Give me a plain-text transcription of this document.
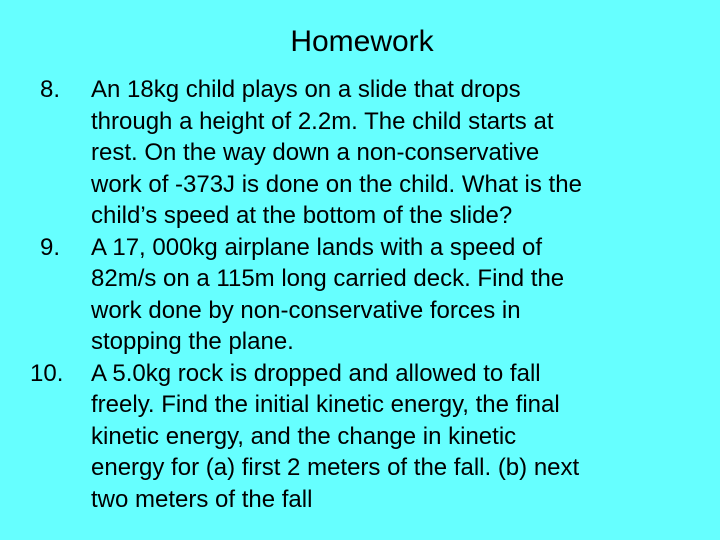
Homework
8.	An 18kg child plays on a slide that drops
through a height of 2.2m. The child starts at
rest. On the way down a non-conservative
work of -373J is done on the child. What is the
child’s speed at the bottom of the slide?
9.	A 17, 000kg airplane lands with a speed of
82m/s on a 115m long carried deck. Find the
work done by non-conservative forces in
stopping the plane.
10.	A 5.0kg rock is dropped and allowed to fall
freely. Find the initial kinetic energy, the final
kinetic energy, and the change in kinetic
energy for (a) first 2 meters of the fall. (b) next
two meters of the fall
